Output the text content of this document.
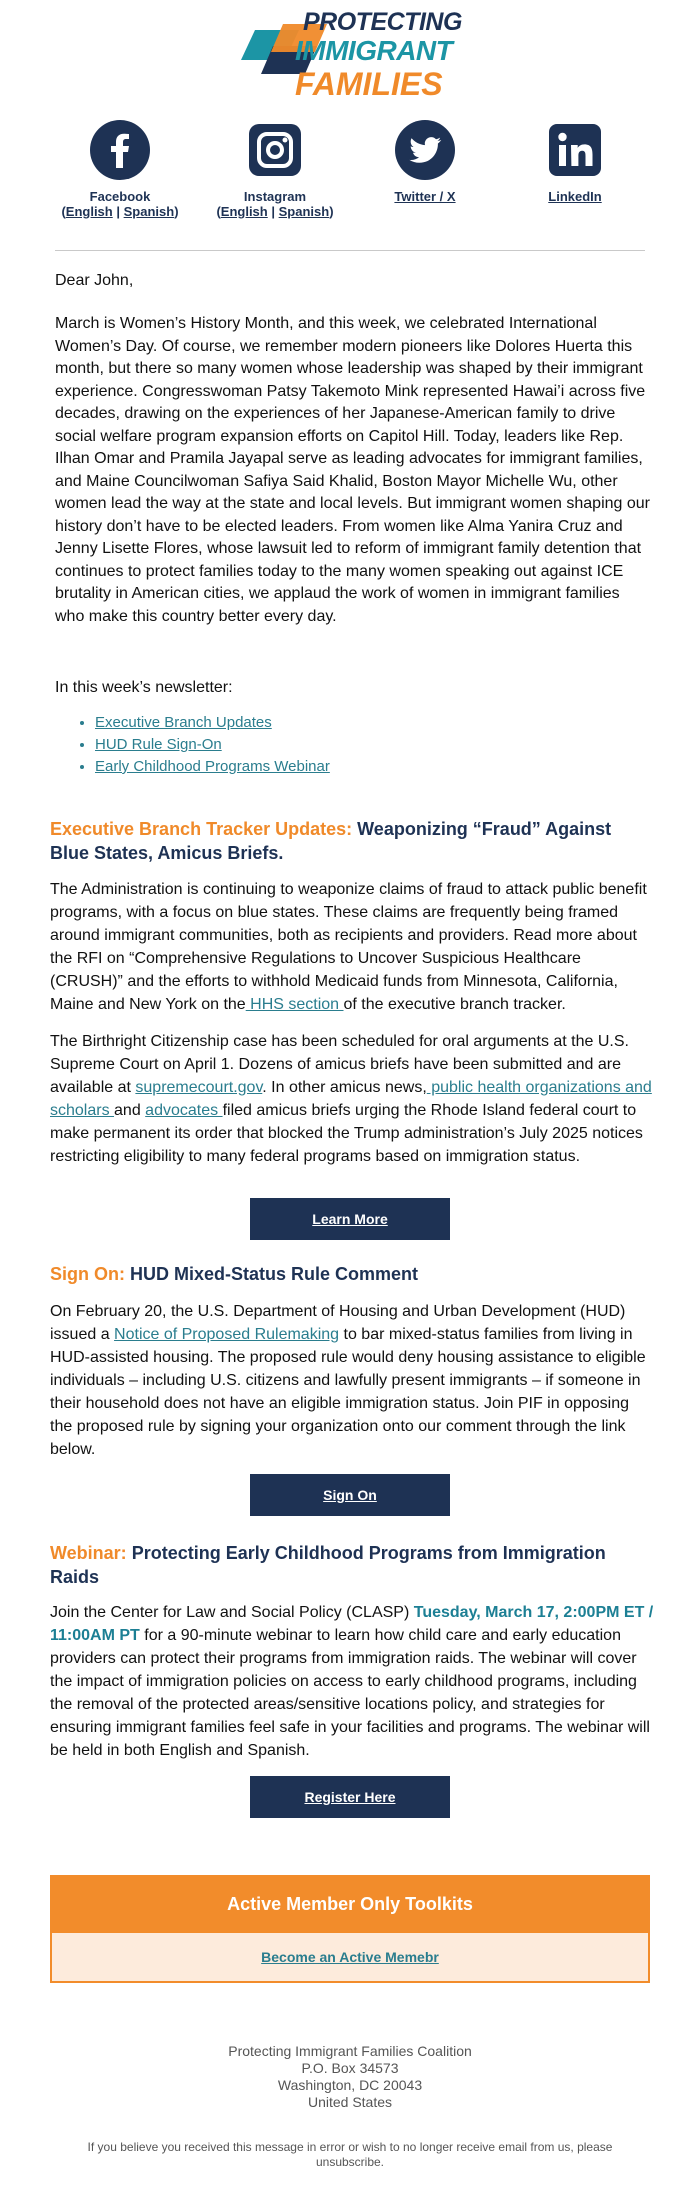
PROTECTING
IMMIGRANT
FAMILIES
Facebook
(English | Spanish)
Instagram
(English | Spanish)
Twitter / X	LinkedIn
Dear John,

March is Women’s History Month, and this week, we celebrated International Women’s Day. Of course, we remember modern pioneers like Dolores Huerta this month, but there so many women whose leadership was shaped by their immigrant experience. Congresswoman Patsy Takemoto Mink represented Hawai’i across five decades, drawing on the experiences of her Japanese-American family to drive social welfare program expansion efforts on Capitol Hill. Today, leaders like Rep. Ilhan Omar and Pramila Jayapal serve as leading advocates for immigrant families, and Maine Councilwoman Safiya Said Khalid, Boston Mayor Michelle Wu, other women lead the way at the state and local levels. But immigrant women shaping our history don’t have to be elected leaders. From women like Alma Yanira Cruz and Jenny Lisette Flores, whose lawsuit led to reform of immigrant family detention that continues to protect families today to the many women speaking out against ICE brutality in American cities, we applaud the work of women in immigrant families who make this country better every day.

In this week’s newsletter:
• Executive Branch Updates
• HUD Rule Sign-On
• Early Childhood Programs Webinar
Executive Branch Tracker Updates: Weaponizing “Fraud” Against Blue States, Amicus Briefs.

The Administration is continuing to weaponize claims of fraud to attack public benefit programs, with a focus on blue states. These claims are frequently being framed around immigrant communities, both as recipients and providers. Read more about the RFI on “Comprehensive Regulations to Uncover Suspicious Healthcare (CRUSH)” and the efforts to withhold Medicaid funds from Minnesota, California, Maine and New York on the HHS section of the executive branch tracker.

The Birthright Citizenship case has been scheduled for oral arguments at the U.S. Supreme Court on April 1. Dozens of amicus briefs have been submitted and are available at supremecourt.gov. In other amicus news, public health organizations and scholars and advocates filed amicus briefs urging the Rhode Island federal court to make permanent its order that blocked the Trump administration’s July 2025 notices restricting eligibility to many federal programs based on immigration status.

Learn More
Sign On: HUD Mixed-Status Rule Comment

On February 20, the U.S. Department of Housing and Urban Development (HUD) issued a Notice of Proposed Rulemaking to bar mixed-status families from living in HUD-assisted housing. The proposed rule would deny housing assistance to eligible individuals – including U.S. citizens and lawfully present immigrants – if someone in their household does not have an eligible immigration status. Join PIF in opposing the proposed rule by signing your organization onto our comment through the link below.

Sign On
Webinar: Protecting Early Childhood Programs from Immigration Raids

Join the Center for Law and Social Policy (CLASP) Tuesday, March 17, 2:00PM ET / 11:00AM PT for a 90-minute webinar to learn how child care and early education providers can protect their programs from immigration raids. The webinar will cover the impact of immigration policies on access to early childhood programs, including the removal of the protected areas/sensitive locations policy, and strategies for ensuring immigrant families feel safe in your facilities and programs. The webinar will be held in both English and Spanish.

Register Here
Active Member Only Toolkits
Become an Active Memebr
Protecting Immigrant Families Coalition
P.O. Box 34573
Washington, DC 20043
United States
If you believe you received this message in error or wish to no longer receive email from us, please unsubscribe.
